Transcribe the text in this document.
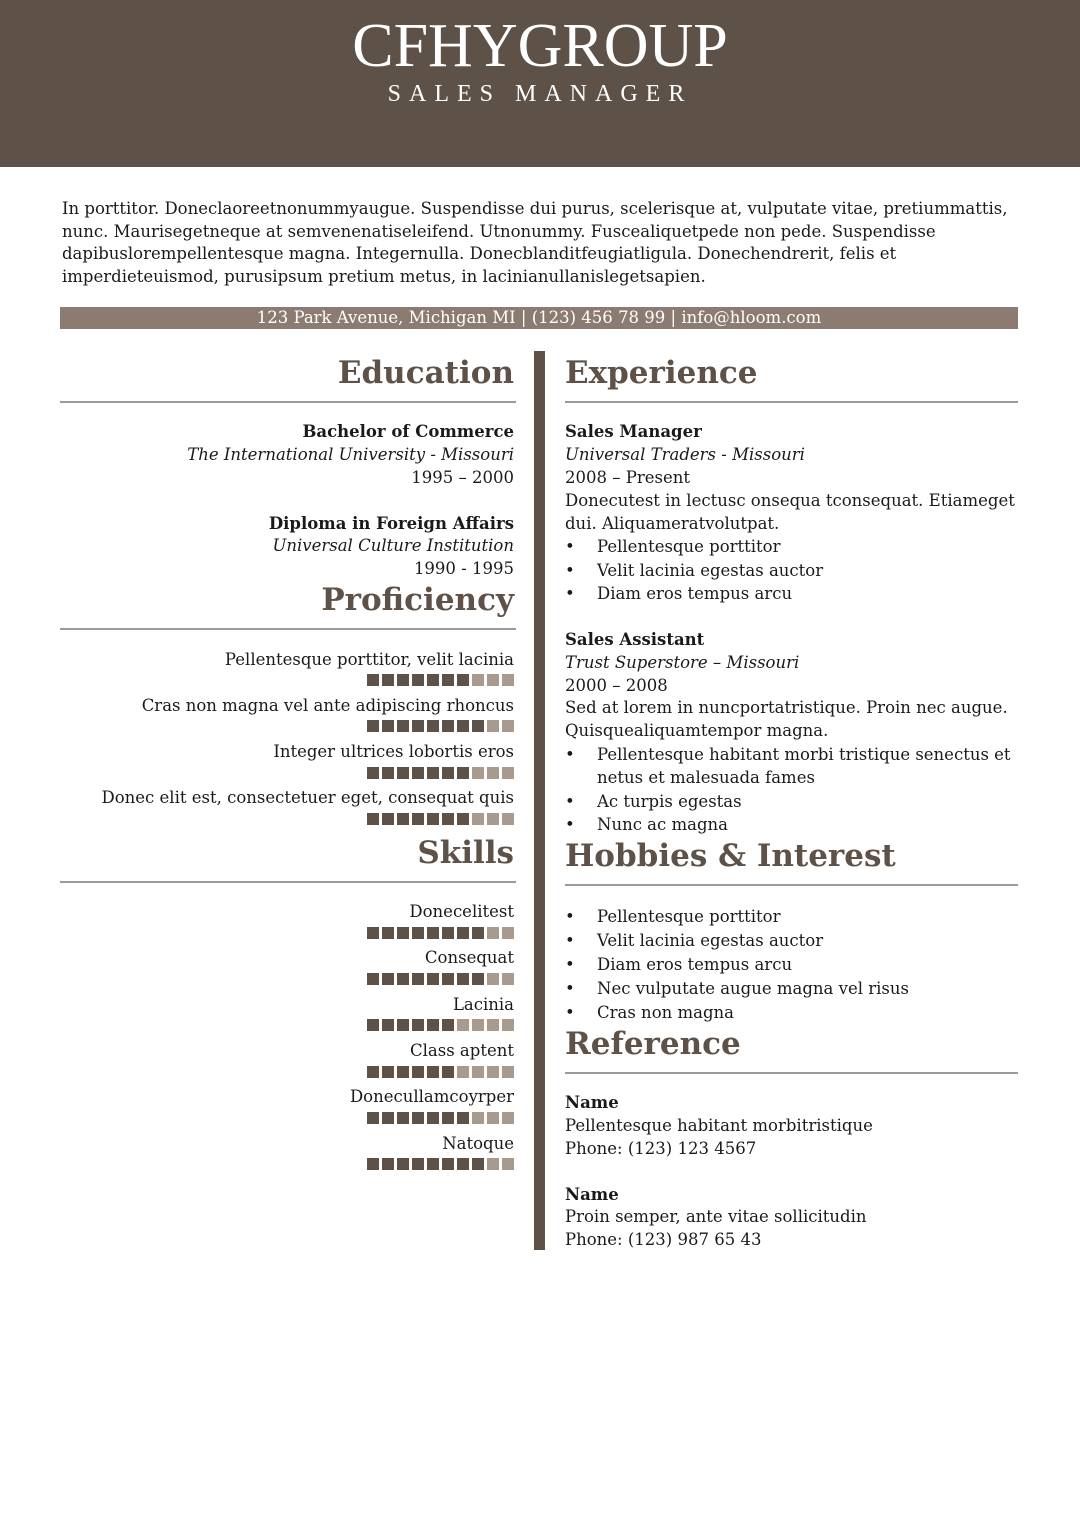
CFHYGROUP
SALES MANAGER
In porttitor. Doneclaoreetnonummyaugue. Suspendisse dui purus, scelerisque at, vulputate vitae, pretiummattis,
nunc. Maurisegetneque at semvenenatiseleifend. Utnonummy. Fuscealiquetpede non pede. Suspendisse
dapibuslorempellentesque magna. Integernulla. Donecblanditfeugiatligula. Donechendrerit, felis et
imperdieteuismod, purusipsum pretium metus, in lacinianullanislegetsapien.
123 Park Avenue, Michigan MI | (123) 456 78 99 | info@hloom.com
Education
Bachelor of Commerce
The International University - Missouri
1995 – 2000
Diploma in Foreign Affairs
Universal Culture Institution
1990 - 1995
Proficiency
Pellentesque porttitor, velit lacinia
Cras non magna vel ante adipiscing rhoncus
Integer ultrices lobortis eros
Donec elit est, consectetuer eget, consequat quis
Skills
Donecelitest
Consequat
Lacinia
Class aptent
Donecullamcoyrper
Natoque
Experience
Sales Manager
Universal Traders - Missouri
2008 – Present
Donecutest in lectusc onsequa tconsequat. Etiameget
dui. Aliquameratvolutpat.
•	Pellentesque porttitor
•	Velit lacinia egestas auctor
•	Diam eros tempus arcu
Sales Assistant
Trust Superstore – Missouri
2000 – 2008
Sed at lorem in nuncportatristique. Proin nec augue.
Quisquealiquamtempor magna.
•	Pellentesque habitant morbi tristique senectus et
netus et malesuada fames
•	Ac turpis egestas
•	Nunc ac magna
Hobbies & Interest
•	Pellentesque porttitor
•	Velit lacinia egestas auctor
•	Diam eros tempus arcu
•	Nec vulputate augue magna vel risus
•	Cras non magna
Reference
Name
Pellentesque habitant morbitristique
Phone: (123) 123 4567
Name
Proin semper, ante vitae sollicitudin
Phone: (123) 987 65 43
